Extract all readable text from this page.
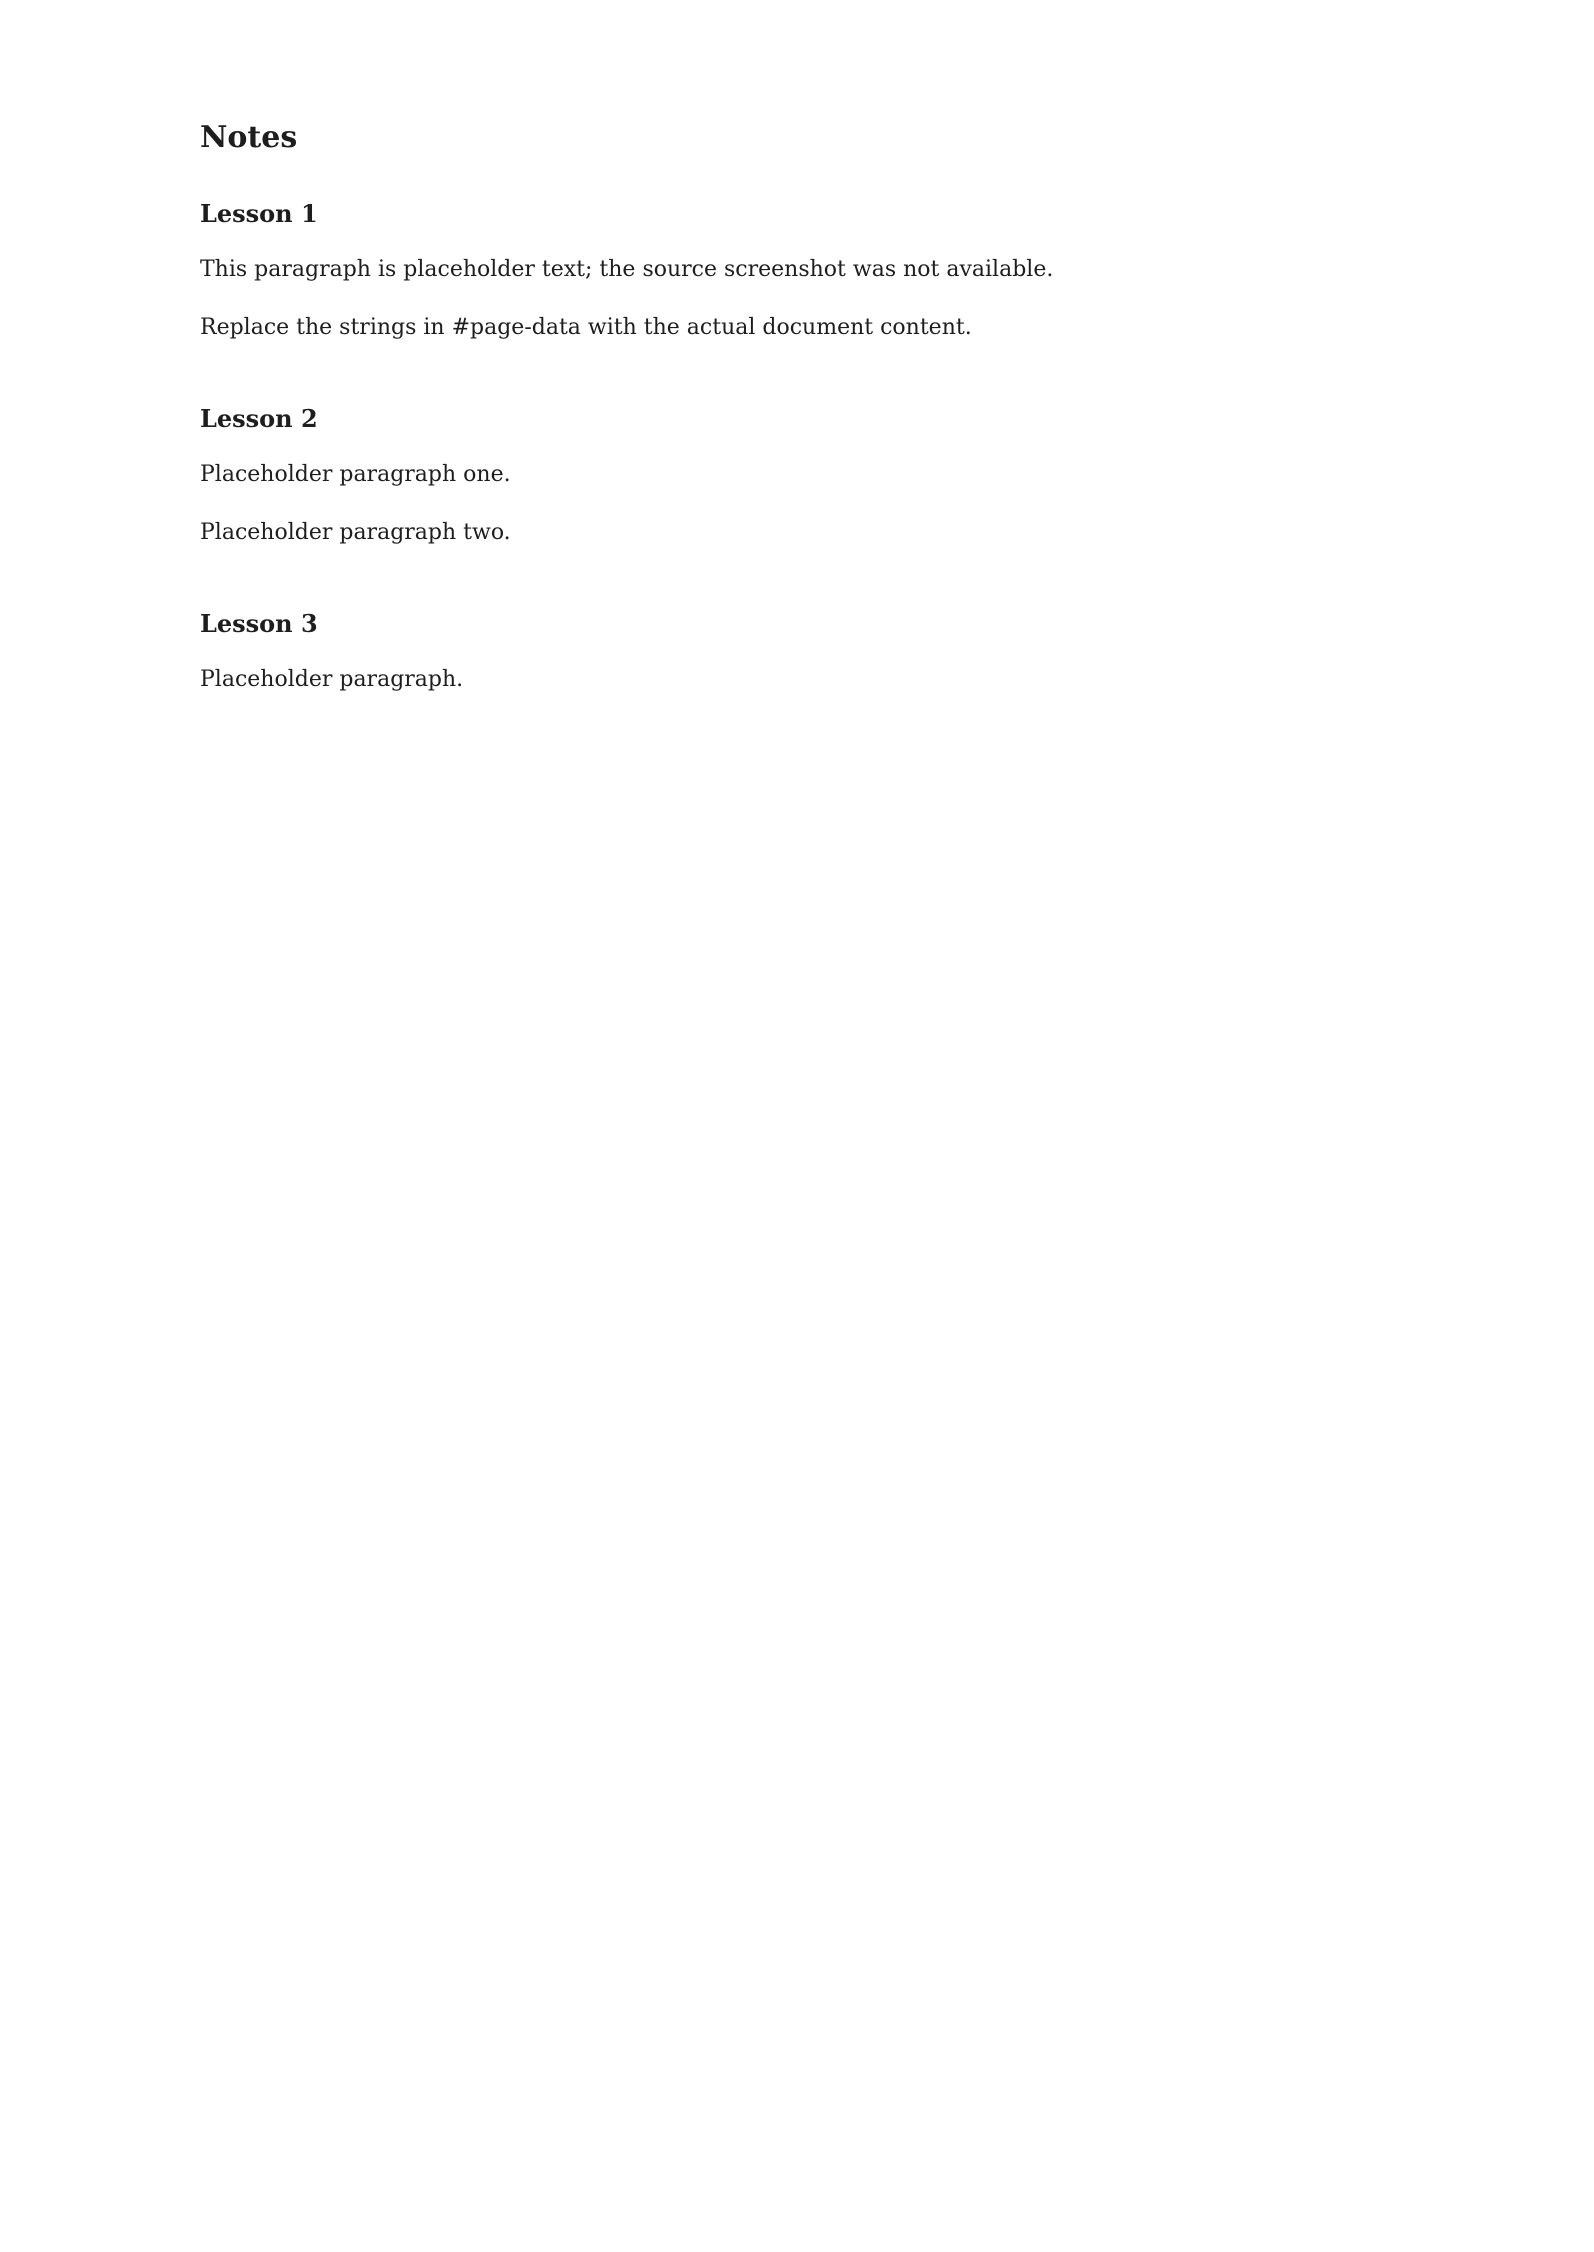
Notes
Lesson 1

This paragraph is placeholder text; the source screenshot was not available.

Replace the strings in #page-data with the actual document content.

Lesson 2

Placeholder paragraph one.

Placeholder paragraph two.

Lesson 3

Placeholder paragraph.
